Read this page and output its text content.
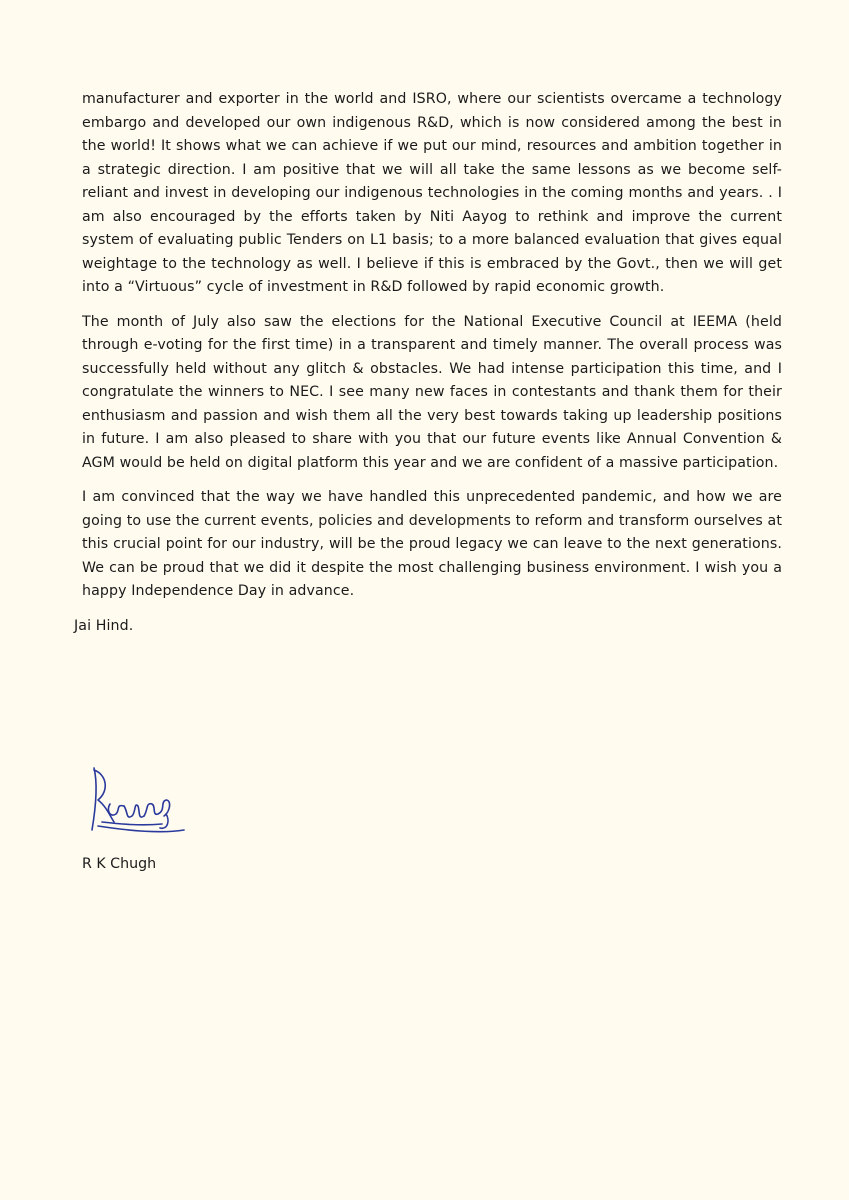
manufacturer and exporter in the world and ISRO, where our scientists overcame a technology embargo and developed our own indigenous R&D, which is now considered among the best in the world! It shows what we can achieve if we put our mind, resources and ambition together in a strategic direction. I am positive that we will all take the same lessons as we become self-reliant and invest in developing our indigenous technologies in the coming months and years. . I am also encouraged by the efforts taken by Niti Aayog to rethink and improve the current system of evaluating public Tenders on L1 basis; to a more balanced evaluation that gives equal weightage to the technology as well. I believe if this is embraced by the Govt., then we will get into a “Virtuous” cycle of investment in R&D followed by rapid economic growth.

The month of July also saw the elections for the National Executive Council at IEEMA (held through e-voting for the first time) in a transparent and timely manner. The overall process was successfully held without any glitch & obstacles. We had intense participation this time, and I congratulate the winners to NEC. I see many new faces in contestants and thank them for their enthusiasm and passion and wish them all the very best towards taking up leadership positions in future. I am also pleased to share with you that our future events like Annual Convention & AGM would be held on digital platform this year and we are confident of a massive participation.

I am convinced that the way we have handled this unprecedented pandemic, and how we are going to use the current events, policies and developments to reform and transform ourselves at this crucial point for our industry, will be the proud legacy we can leave to the next generations. We can be proud that we did it despite the most challenging business environment. I wish you a happy Independence Day in advance.

Jai Hind.
R K Chugh
